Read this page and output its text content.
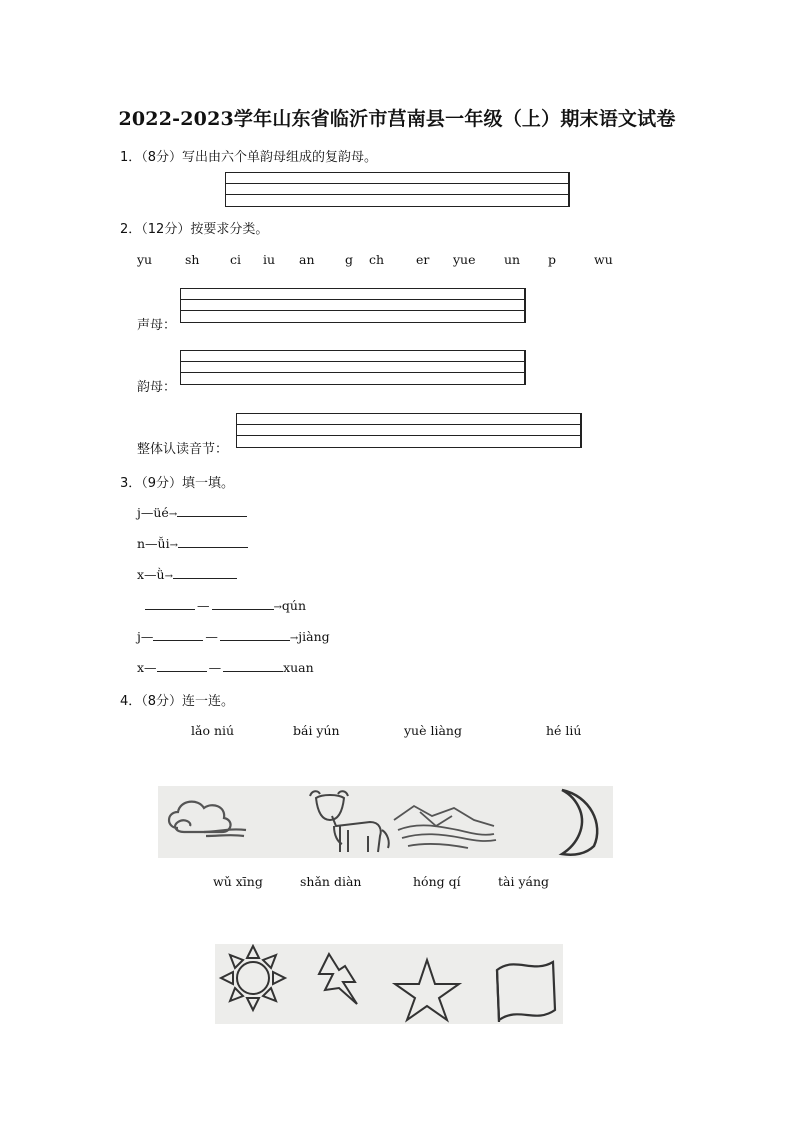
2022-2023学年山东省临沂市莒南县一年级（上）期末语文试卷
1．（8分）写出由六个单韵母组成的复韵母。
2．（12分）按要求分类。
yu	sh ci iu an g ch	er yue un p	wu
声母：
韵母：
整体认读音节：
3．（9分）填一填。
j—üé→
n—ǚi→
x—ǜ→
—	→qún
j—	—	→jiàng
x—	—	xuan
4．（8分）连一连。
lǎo niú	bái yún	yuè liàng	hé liú
wǔ xīng	shǎn diàn	hóng qí	tài yáng
